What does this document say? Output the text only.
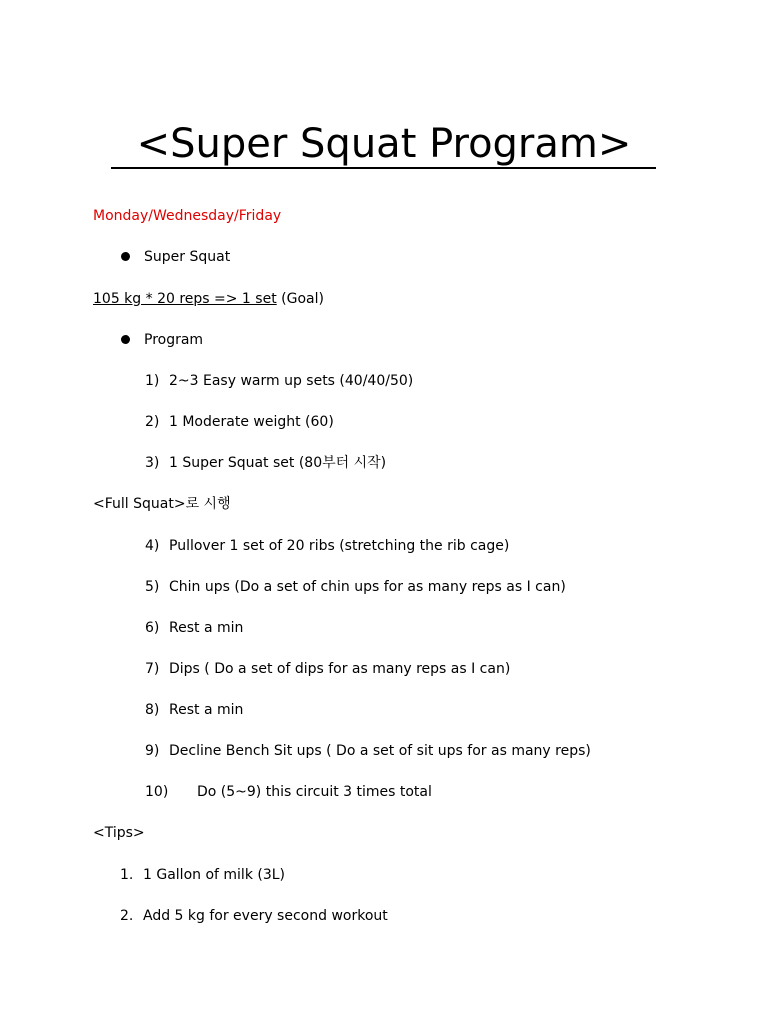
<Super Squat Program>
Monday/Wednesday/Friday
Super Squat
105 kg * 20 reps => 1 set (Goal)
Program
1) 2~3 Easy warm up sets (40/40/50)
2) 1 Moderate weight (60)
3) 1 Super Squat set (80부터 시작)
<Full Squat>로 시행
4) Pullover 1 set of 20 ribs (stretching the rib cage)
5) Chin ups (Do a set of chin ups for as many reps as I can)
6) Rest a min
7) Dips ( Do a set of dips for as many reps as I can)
8) Rest a min
9) Decline Bench Sit ups ( Do a set of sit ups for as many reps)
10) Do (5~9) this circuit 3 times total
<Tips>
1. 1 Gallon of milk (3L)
2. Add 5 kg for every second workout
